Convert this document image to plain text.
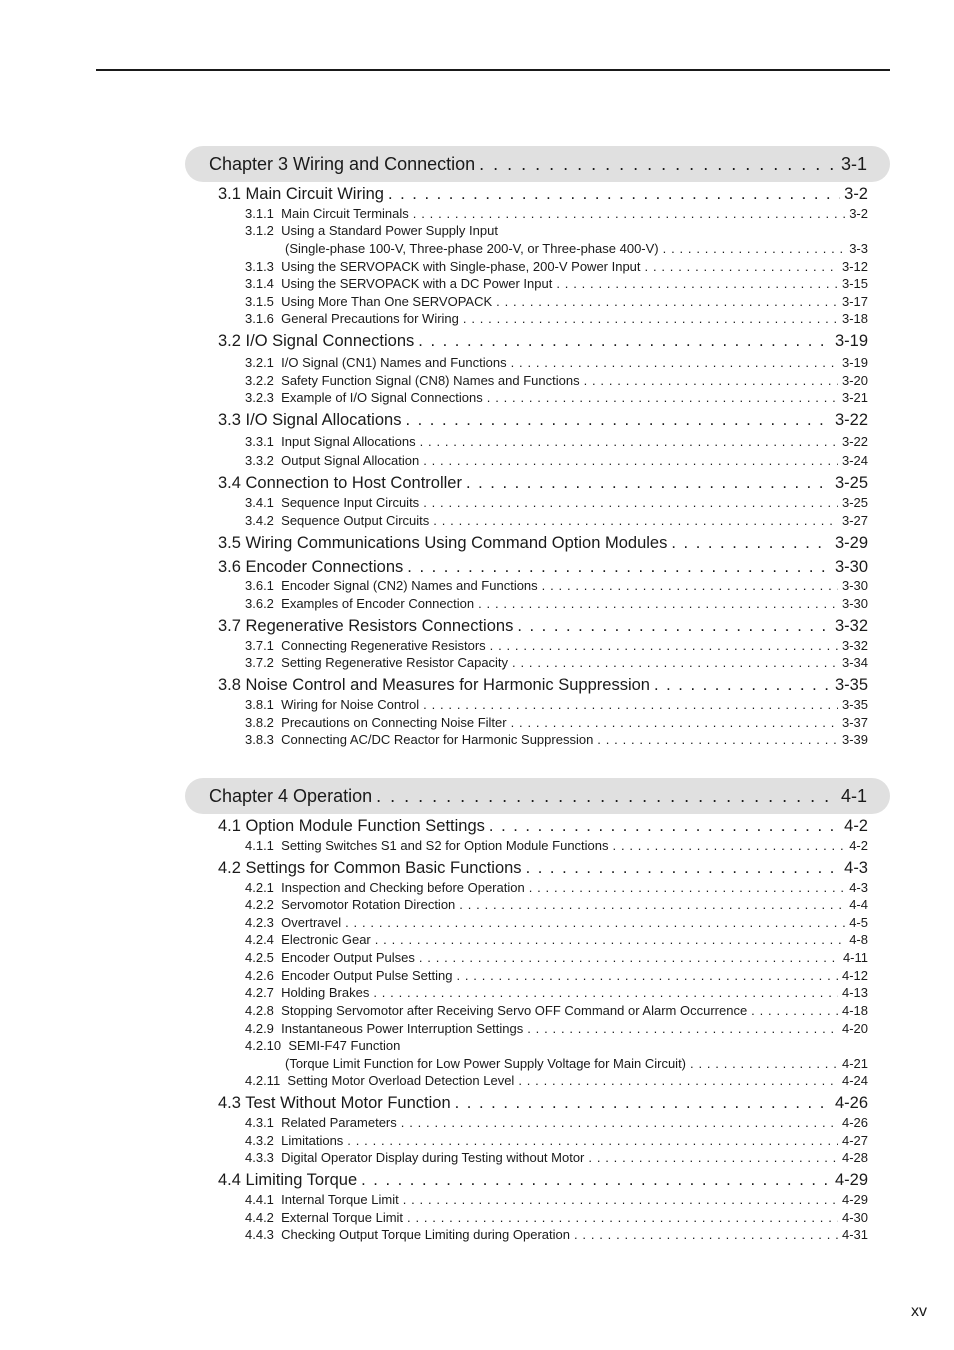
Chapter 3 Wiring and Connection . . .	3-1
3.1 Main Circuit Wiring . . .	3-2
3.1.1 Main Circuit Terminals . . .	3-2
3.1.2 Using a Standard Power Supply Input
(Single-phase 100-V, Three-phase 200-V, or Three-phase 400-V) . . .	3-3
3.1.3 Using the SERVOPACK with Single-phase, 200-V Power Input . . .	3-12
3.1.4 Using the SERVOPACK with a DC Power Input . . .	3-15
3.1.5 Using More Than One SERVOPACK . . .	3-17
3.1.6 General Precautions for Wiring . . .	3-18
3.2 I/O Signal Connections . . .	3-19
3.2.1 I/O Signal (CN1) Names and Functions . . .	3-19
3.2.2 Safety Function Signal (CN8) Names and Functions . . .	3-20
3.2.3 Example of I/O Signal Connections . . .	3-21
3.3 I/O Signal Allocations . . .	3-22
3.3.1 Input Signal Allocations . . .	3-22
3.3.2 Output Signal Allocation . . .	3-24
3.4 Connection to Host Controller . . .	3-25
3.4.1 Sequence Input Circuits . . .	3-25
3.4.2 Sequence Output Circuits . . .	3-27
3.5 Wiring Communications Using Command Option Modules . . .	3-29
3.6 Encoder Connections . . .	3-30
3.6.1 Encoder Signal (CN2) Names and Functions . . .	3-30
3.6.2 Examples of Encoder Connection . . .	3-30
3.7 Regenerative Resistors Connections . . .	3-32
3.7.1 Connecting Regenerative Resistors . . .	3-32
3.7.2 Setting Regenerative Resistor Capacity . . .	3-34
3.8 Noise Control and Measures for Harmonic Suppression . . .	3-35
3.8.1 Wiring for Noise Control . . .	3-35
3.8.2 Precautions on Connecting Noise Filter . . .	3-37
3.8.3 Connecting AC/DC Reactor for Harmonic Suppression . . .	3-39
Chapter 4 Operation . . .	4-1
4.1 Option Module Function Settings . . .	4-2
4.1.1 Setting Switches S1 and S2 for Option Module Functions . . .	4-2
4.2 Settings for Common Basic Functions . . .	4-3
4.2.1 Inspection and Checking before Operation . . .	4-3
4.2.2 Servomotor Rotation Direction . . .	4-4
4.2.3 Overtravel . . .	4-5
4.2.4 Electronic Gear . . .	4-8
4.2.5 Encoder Output Pulses . . .	4-11
4.2.6 Encoder Output Pulse Setting . . .	4-12
4.2.7 Holding Brakes . . .	4-13
4.2.8 Stopping Servomotor after Receiving Servo OFF Command or Alarm Occurrence . . .	4-18
4.2.9 Instantaneous Power Interruption Settings . . .	4-20
4.2.10 SEMI-F47 Function
(Torque Limit Function for Low Power Supply Voltage for Main Circuit) . . .	4-21
4.2.11 Setting Motor Overload Detection Level . . .	4-24
4.3 Test Without Motor Function . . .	4-26
4.3.1 Related Parameters . . .	4-26
4.3.2 Limitations . . .	4-27
4.3.3 Digital Operator Display during Testing without Motor . . .	4-28
4.4 Limiting Torque . . .	4-29
4.4.1 Internal Torque Limit . . .	4-29
4.4.2 External Torque Limit . . .	4-30
4.4.3 Checking Output Torque Limiting during Operation . . .	4-31
xv
